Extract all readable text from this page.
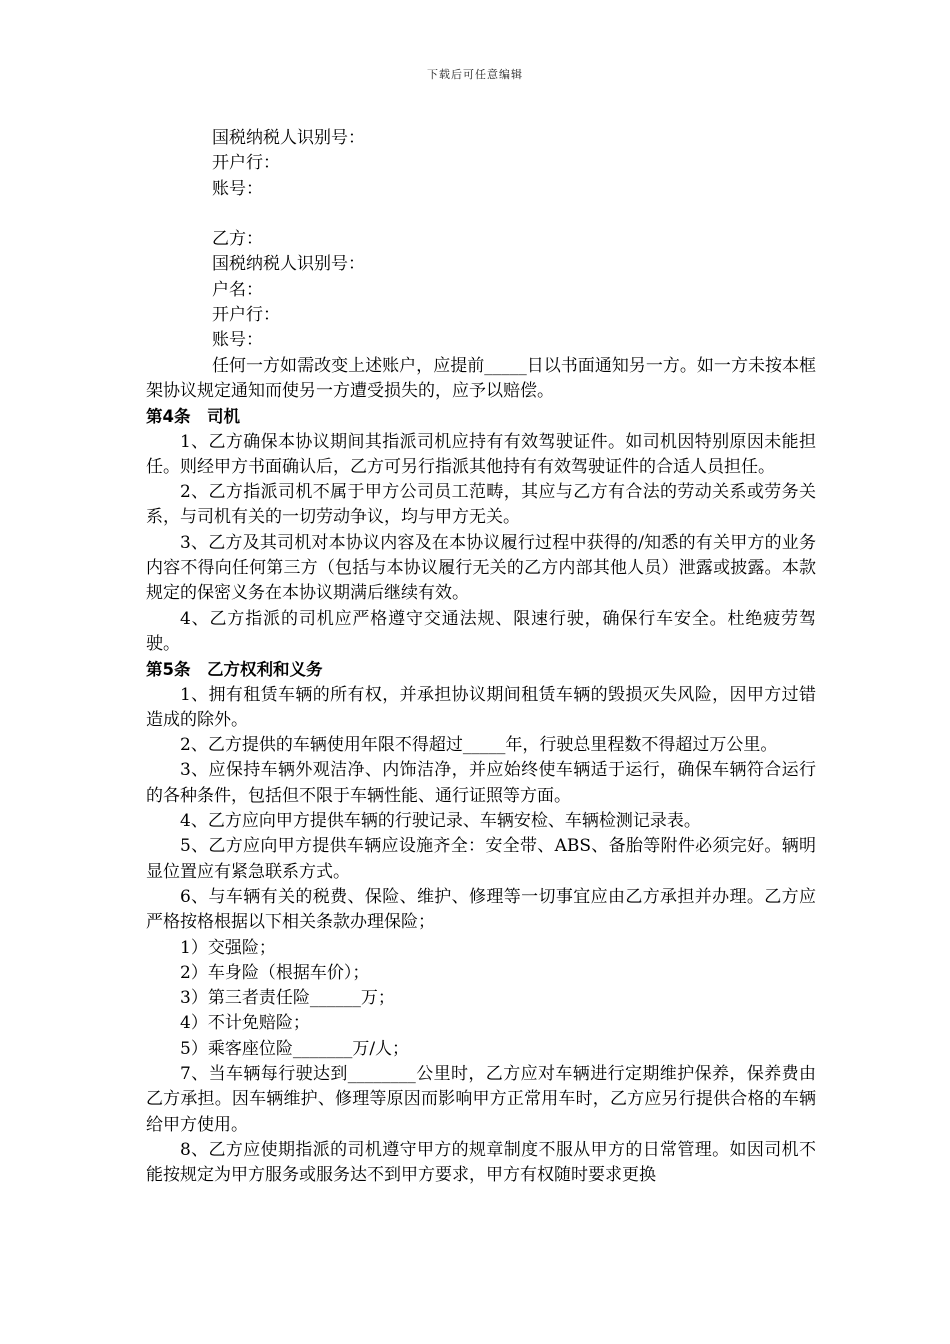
下载后可任意编辑
国税纳税人识别号：
开户行：
账号：
乙方：
国税纳税人识别号：
户名：
开户行：
账号：
任何一方如需改变上述账户，应提前_____日以书面通知另一方。如一方未按本框架协议规定通知而使另一方遭受损失的，应予以赔偿。
第4条　司机
1、乙方确保本协议期间其指派司机应持有有效驾驶证件。如司机因特别原因未能担任。则经甲方书面确认后，乙方可另行指派其他持有有效驾驶证件的合适人员担任。
2、乙方指派司机不属于甲方公司员工范畴，其应与乙方有合法的劳动关系或劳务关系，与司机有关的一切劳动争议，均与甲方无关。
3、乙方及其司机对本协议内容及在本协议履行过程中获得的/知悉的有关甲方的业务内容不得向任何第三方（包括与本协议履行无关的乙方内部其他人员）泄露或披露。本款规定的保密义务在本协议期满后继续有效。
4、乙方指派的司机应严格遵守交通法规、限速行驶，确保行车安全。杜绝疲劳驾驶。
第5条　乙方权利和义务
1、拥有租赁车辆的所有权，并承担协议期间租赁车辆的毁损灭失风险，因甲方过错造成的除外。
2、乙方提供的车辆使用年限不得超过_____年，行驶总里程数不得超过万公里。
3、应保持车辆外观洁净、内饰洁净，并应始终使车辆适于运行，确保车辆符合运行的各种条件，包括但不限于车辆性能、通行证照等方面。
4、乙方应向甲方提供车辆的行驶记录、车辆安检、车辆检测记录表。
5、乙方应向甲方提供车辆应设施齐全：安全带、ABS、备胎等附件必须完好。辆明显位置应有紧急联系方式。
6、与车辆有关的税费、保险、维护、修理等一切事宜应由乙方承担并办理。乙方应严格按格根据以下相关条款办理保险；
1）交强险；
2）车身险（根据车价）；
3）第三者责任险______万；
4）不计免赔险；
5）乘客座位险_______万/人；
7、当车辆每行驶达到________公里时，乙方应对车辆进行定期维护保养，保养费由乙方承担。因车辆维护、修理等原因而影响甲方正常用车时，乙方应另行提供合格的车辆给甲方使用。
8、乙方应使期指派的司机遵守甲方的规章制度不服从甲方的日常管理。如因司机不能按规定为甲方服务或服务达不到甲方要求，甲方有权随时要求更换
